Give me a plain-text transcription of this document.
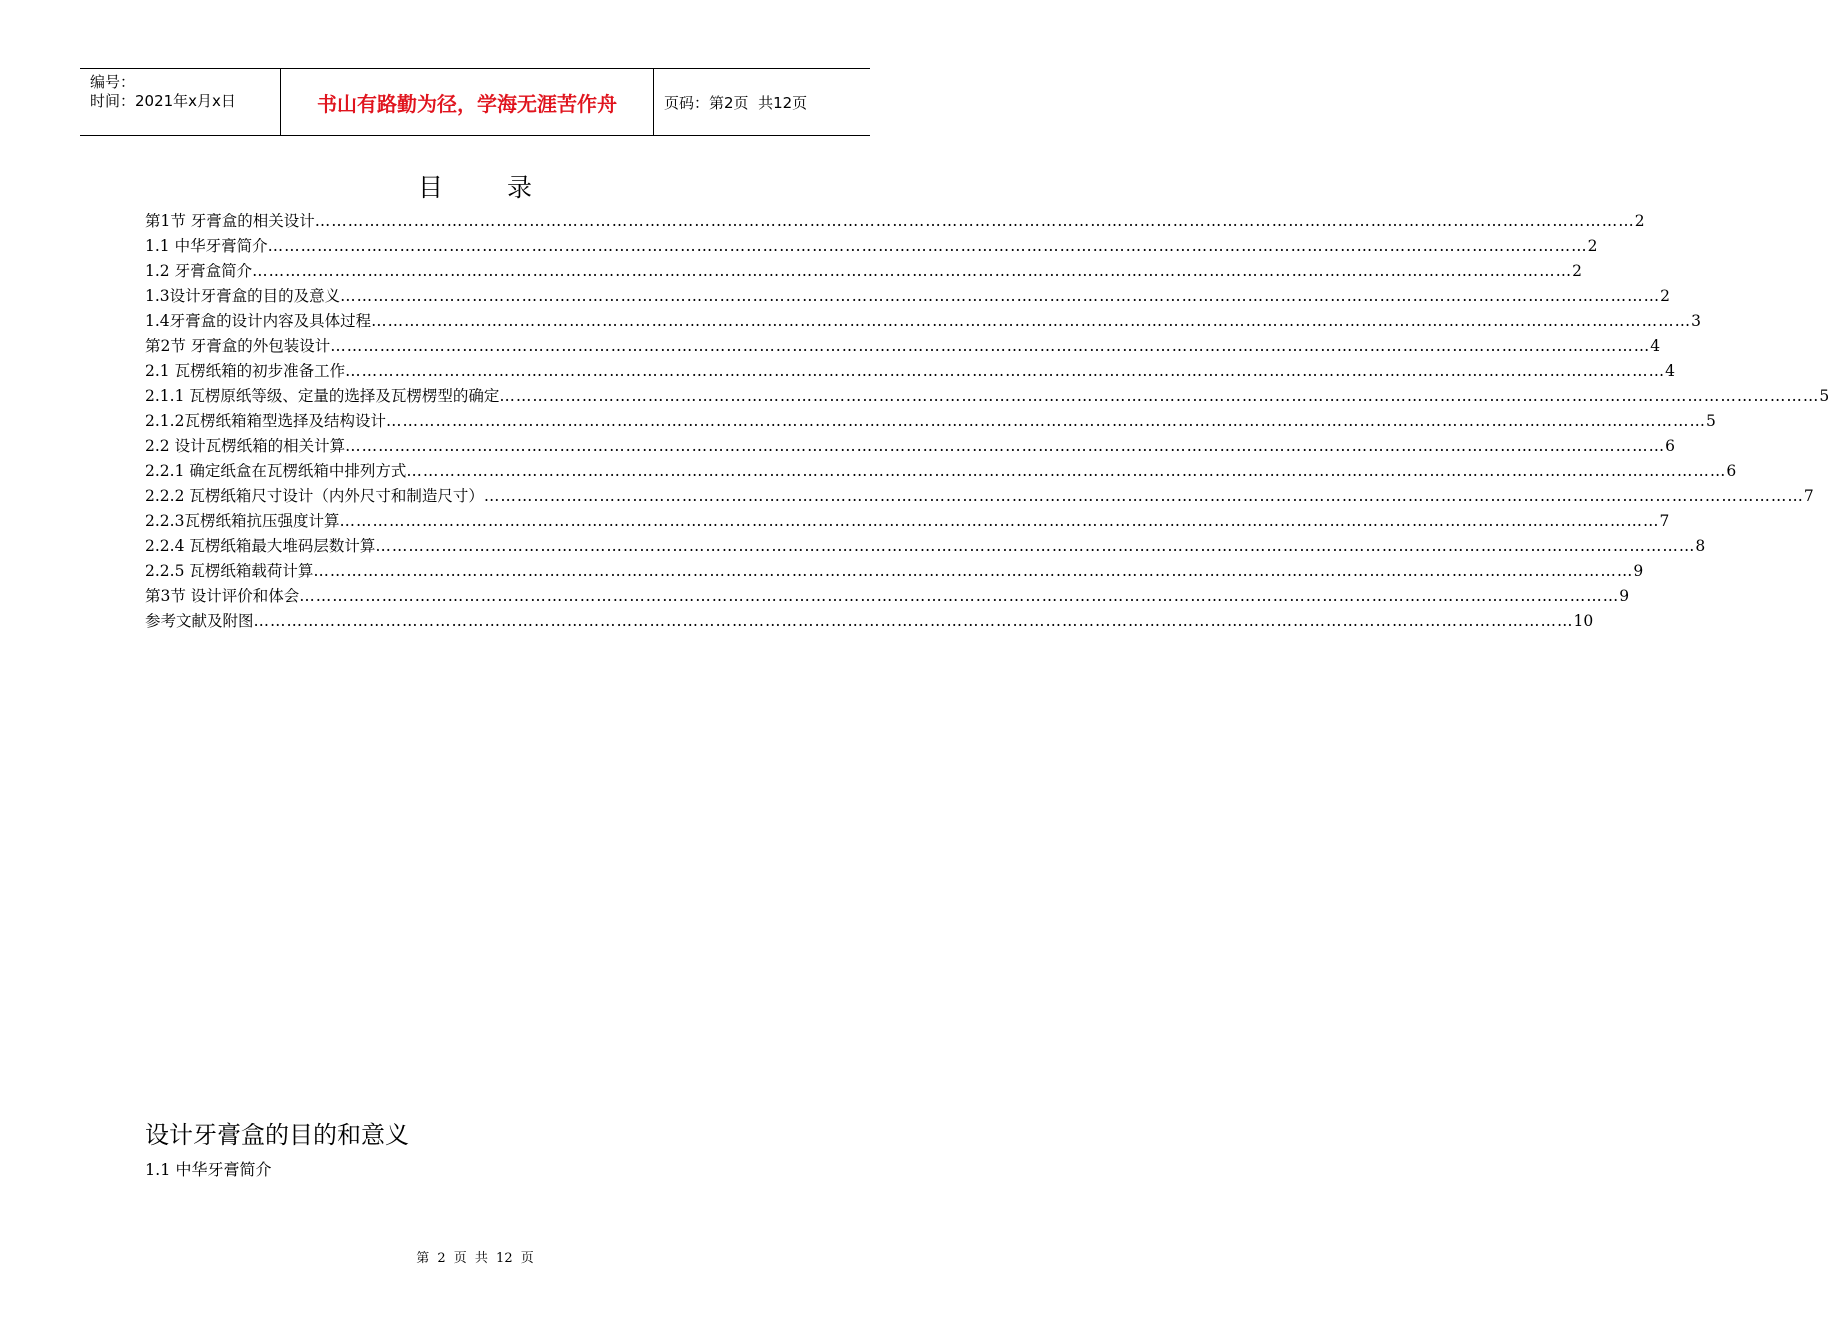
编号：
时间：2021年x月x日	书山有路勤为径，学海无涯苦作舟	页码：第2页  共12页
目 录
第1节 牙膏盒的相关设计 …………………………………………………………………………………………………………………………………………………………………………………………………………………… 2
1.1 中华牙膏简介 …………………………………………………………………………………………………………………………………………………………………………………………………………………… 2
1.2 牙膏盒简介 …………………………………………………………………………………………………………………………………………………………………………………………………………………… 2
1.3设计牙膏盒的目的及意义 …………………………………………………………………………………………………………………………………………………………………………………………………………………… 2
1.4牙膏盒的设计内容及具体过程 …………………………………………………………………………………………………………………………………………………………………………………………………………………… 3
第2节 牙膏盒的外包装设计 …………………………………………………………………………………………………………………………………………………………………………………………………………………… 4
2.1 瓦楞纸箱的初步准备工作 …………………………………………………………………………………………………………………………………………………………………………………………………………………… 4
2.1.1 瓦楞原纸等级、定量的选择及瓦楞楞型的确定 …………………………………………………………………………………………………………………………………………………………………………………………………………………… 5
2.1.2瓦楞纸箱箱型选择及结构设计 …………………………………………………………………………………………………………………………………………………………………………………………………………………… 5
2.2 设计瓦楞纸箱的相关计算 …………………………………………………………………………………………………………………………………………………………………………………………………………………… 6
2.2.1 确定纸盒在瓦楞纸箱中排列方式 …………………………………………………………………………………………………………………………………………………………………………………………………………………… 6
2.2.2 瓦楞纸箱尺寸设计（内外尺寸和制造尺寸） …………………………………………………………………………………………………………………………………………………………………………………………………………………… 7
2.2.3瓦楞纸箱抗压强度计算 …………………………………………………………………………………………………………………………………………………………………………………………………………………… 7
2.2.4 瓦楞纸箱最大堆码层数计算 …………………………………………………………………………………………………………………………………………………………………………………………………………………… 8
2.2.5 瓦楞纸箱载荷计算 …………………………………………………………………………………………………………………………………………………………………………………………………………………… 9
第3节 设计评价和体会 …………………………………………………………………………………………………………………………………………………………………………………………………………………… 9
参考文献及附图 …………………………………………………………………………………………………………………………………………………………………………………………………………………… 10
设计牙膏盒的目的和意义
1.1 中华牙膏简介
第 2 页 共 12 页
